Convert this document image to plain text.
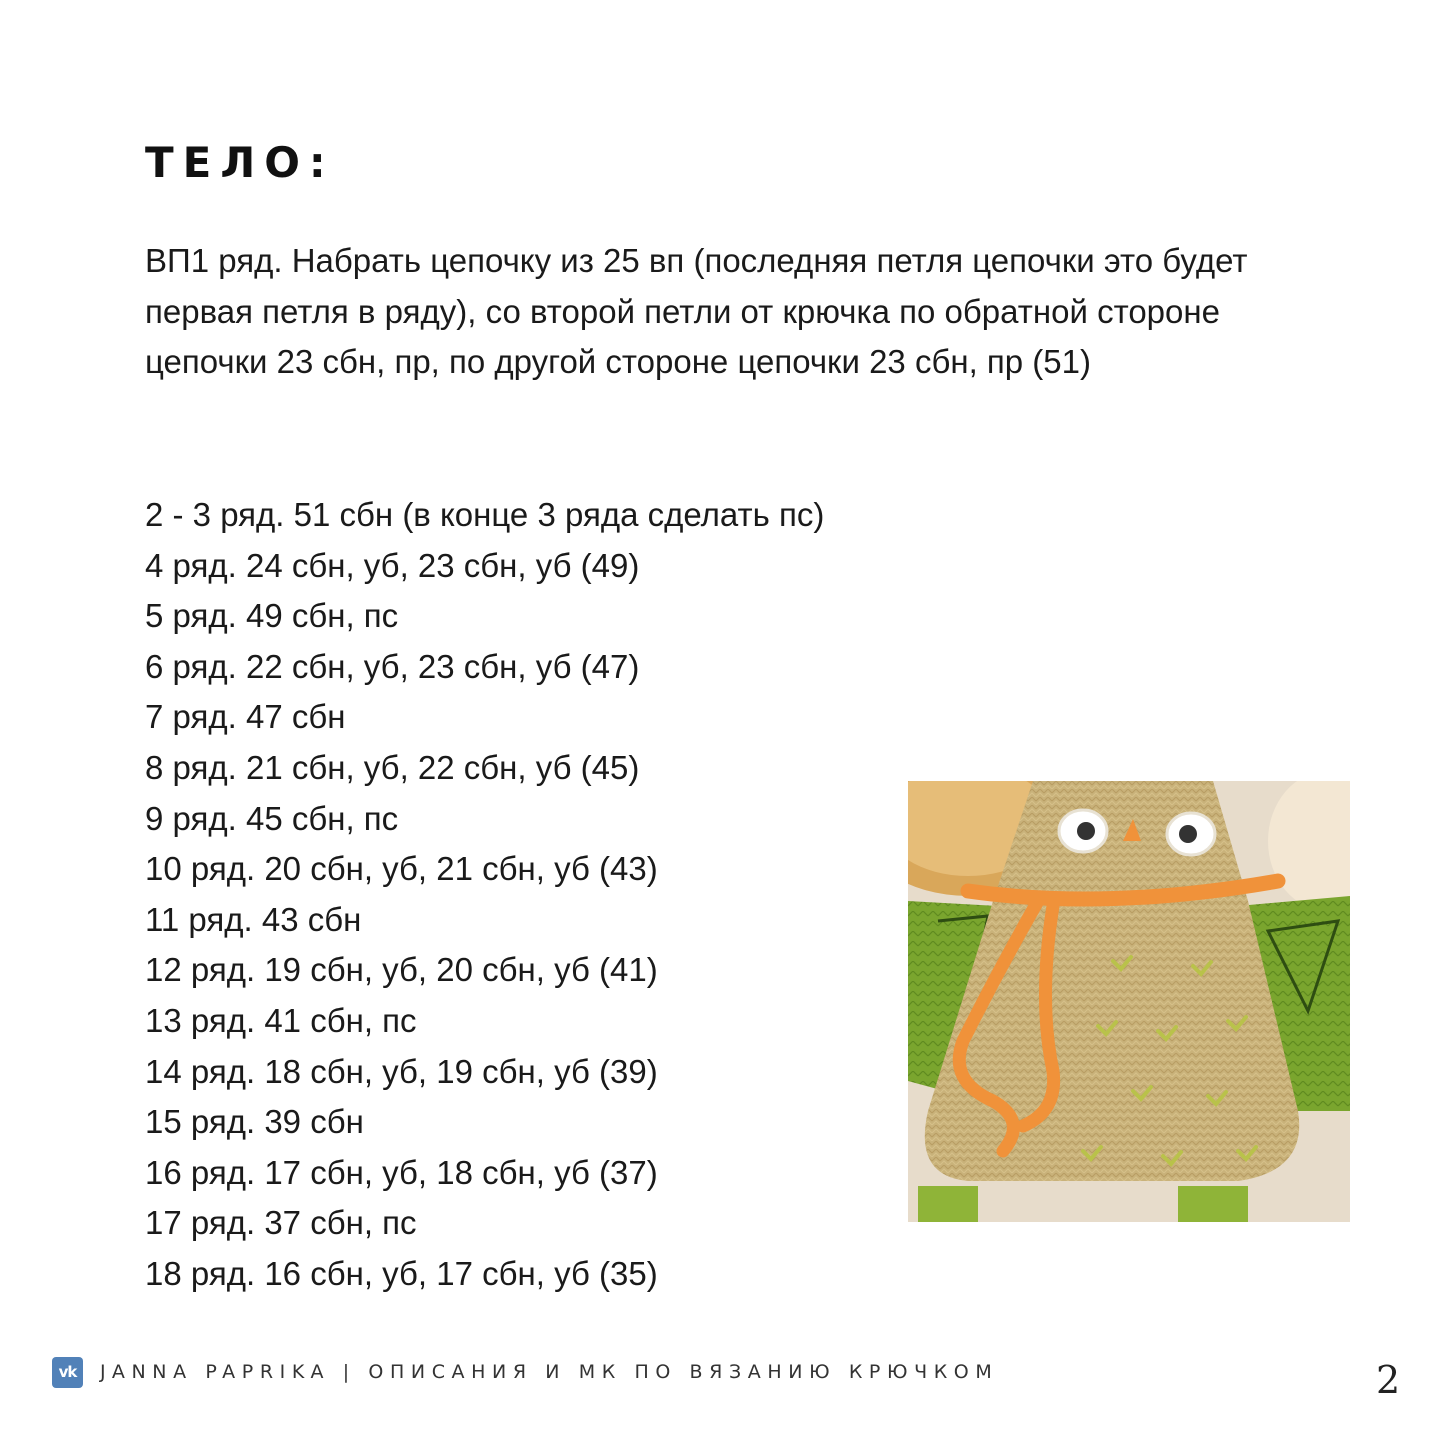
ТЕЛО:
ВП1 ряд. Набрать цепочку из 25 вп (последняя петля цепочки это будет первая петля в ряду), со второй петли от крючка по обратной стороне цепочки 23 сбн, пр, по другой стороне цепочки 23 сбн, пр (51)
2 - 3 ряд. 51 сбн (в конце 3 ряда сделать пс)
4 ряд. 24 сбн, уб, 23 сбн, уб (49)
5 ряд. 49 сбн, пс
6 ряд. 22 сбн, уб, 23 сбн, уб (47)
7 ряд. 47 сбн
8 ряд. 21 сбн, уб, 22 сбн, уб (45)
9 ряд. 45 сбн, пс
10 ряд. 20 сбн, уб, 21 сбн, уб (43)
11 ряд. 43 сбн
12 ряд. 19 сбн, уб, 20 сбн, уб (41)
13 ряд. 41 сбн, пс
14 ряд. 18 сбн, уб, 19 сбн, уб (39)
15 ряд. 39 сбн
16 ряд. 17 сбн, уб, 18 сбн, уб (37)
17 ряд. 37 сбн, пс
18 ряд. 16 сбн, уб, 17 сбн, уб (35)
vk	JANNA PAPRIKA | ОПИСАНИЯ И МК ПО ВЯЗАНИЮ КРЮЧКОМ	2
